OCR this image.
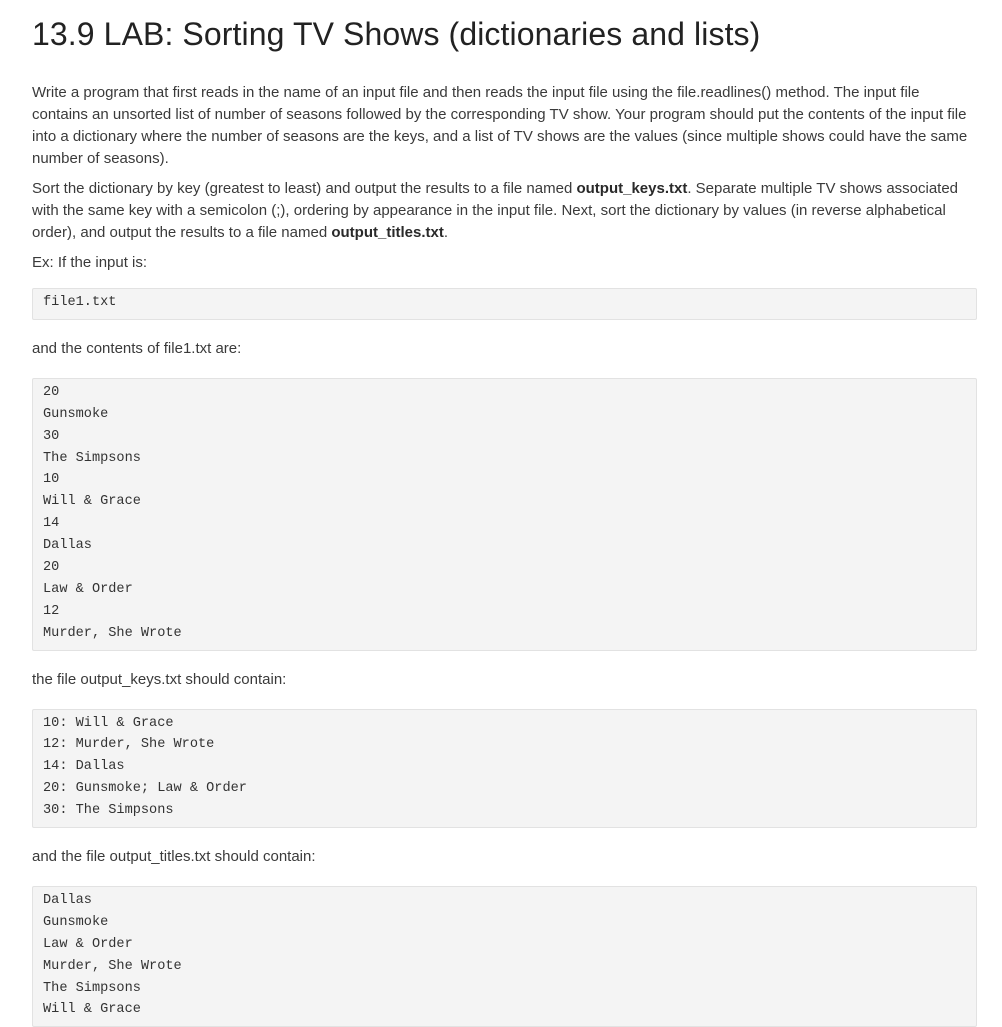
13.9 LAB: Sorting TV Shows (dictionaries and lists)

Write a program that first reads in the name of an input file and then reads the input file using the file.readlines() method. The input file contains an unsorted list of number of seasons followed by the corresponding TV show. Your program should put the contents of the input file into a dictionary where the number of seasons are the keys, and a list of TV shows are the values (since multiple shows could have the same number of seasons).

Sort the dictionary by key (greatest to least) and output the results to a file named output_keys.txt. Separate multiple TV shows associated with the same key with a semicolon (;), ordering by appearance in the input file. Next, sort the dictionary by values (in reverse alphabetical order), and output the results to a file named output_titles.txt.

Ex: If the input is:

file1.txt

and the contents of file1.txt are:

20
Gunsmoke
30
The Simpsons
10
Will & Grace
14
Dallas
20
Law & Order
12
Murder, She Wrote

the file output_keys.txt should contain:

10: Will & Grace
12: Murder, She Wrote
14: Dallas
20: Gunsmoke; Law & Order
30: The Simpsons

and the file output_titles.txt should contain:

Dallas
Gunsmoke
Law & Order
Murder, She Wrote
The Simpsons
Will & Grace
